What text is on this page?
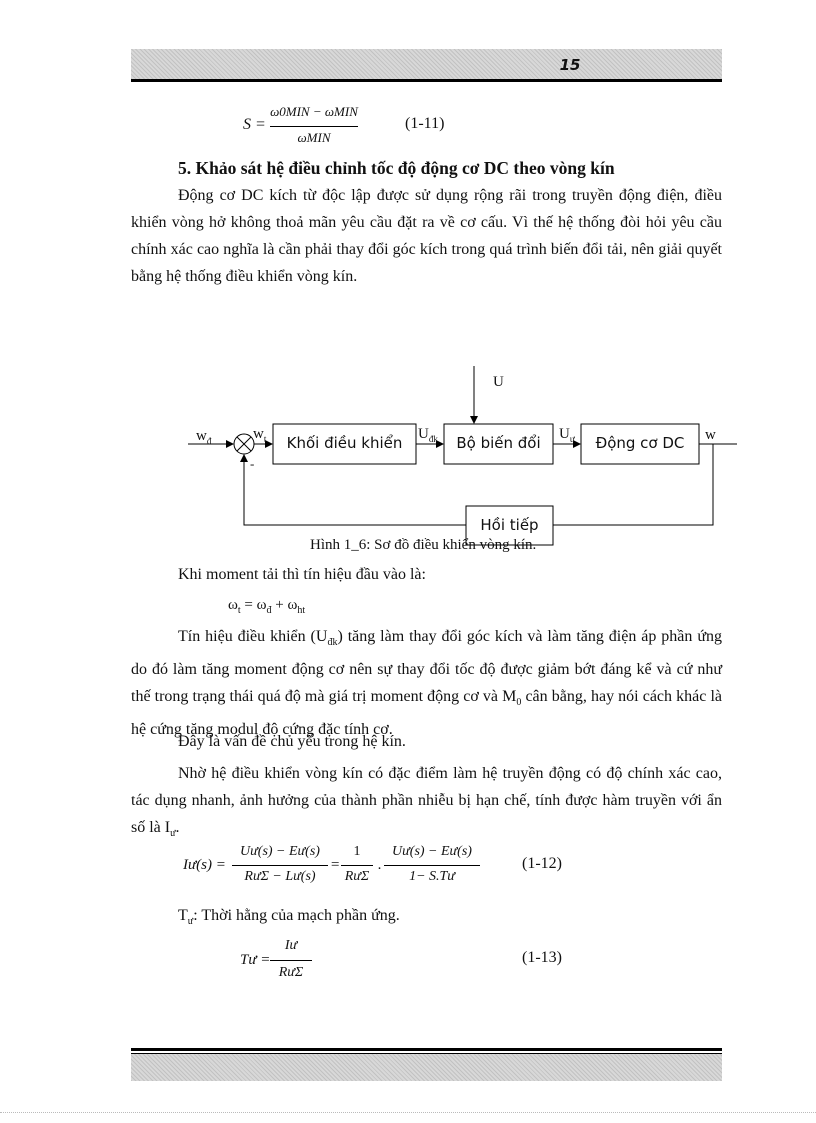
15
S =
ω0MIN − ωMIN
ωMIN
(1-11)
5. Khảo sát hệ điều chỉnh tốc độ động cơ DC theo vòng kín
Động cơ DC kích từ độc lập được sử dụng rộng rãi trong truyền động điện, điều khiển vòng hở không thoả mãn yêu cầu đặt ra về cơ cấu. Vì thế hệ thống đòi hỏi yêu cầu chính xác cao nghĩa là cần phải thay đổi góc kích trong quá trình biến đổi tải, nên giải quyết bằng hệ thống điều khiển vòng kín.
$w_đ$	$w_t$
-
Khối điều khiển	$U_{đk}$	Bộ biến đổi
U
$U_ư$	Động cơ DC	w
Hồi tiếp
Hình 1_6: Sơ đồ điều khiển vòng kín.
Khi moment tải thì tín hiệu đầu vào là:
$\omega_t = \omega_đ + \omega_{ht}$
Tín hiệu điều khiển $(U_{đk})$ tăng làm thay đổi góc kích và làm tăng điện áp phần ứng do đó làm tăng moment động cơ nên sự thay đổi tốc độ được giảm bớt đáng kể và cứ như thế trong trạng thái quá độ mà giá trị moment động cơ và $M_0$ cân bằng, hay nói cách khác là hệ cứng tăng modul độ cứng đặc tính cơ.
Đây là vấn đề chủ yếu trong hệ kín.
Nhờ hệ điều khiển vòng kín có đặc điểm làm hệ truyền động có độ chính xác cao, tác dụng nhanh, ảnh hưởng của thành phần nhiễu bị hạn chế, tính được hàm truyền với ẩn số là $I_ư$.
Iư(s) =
Uư(s) − Eư(s)
RưΣ − Lư(s)
=
1
RưΣ
.
Uư(s) − Eư(s)
1− S.Tư
(1-12)
$T_ư$: Thời hằng của mạch phần ứng.
Tư =
Iư
RưΣ
(1-13)
